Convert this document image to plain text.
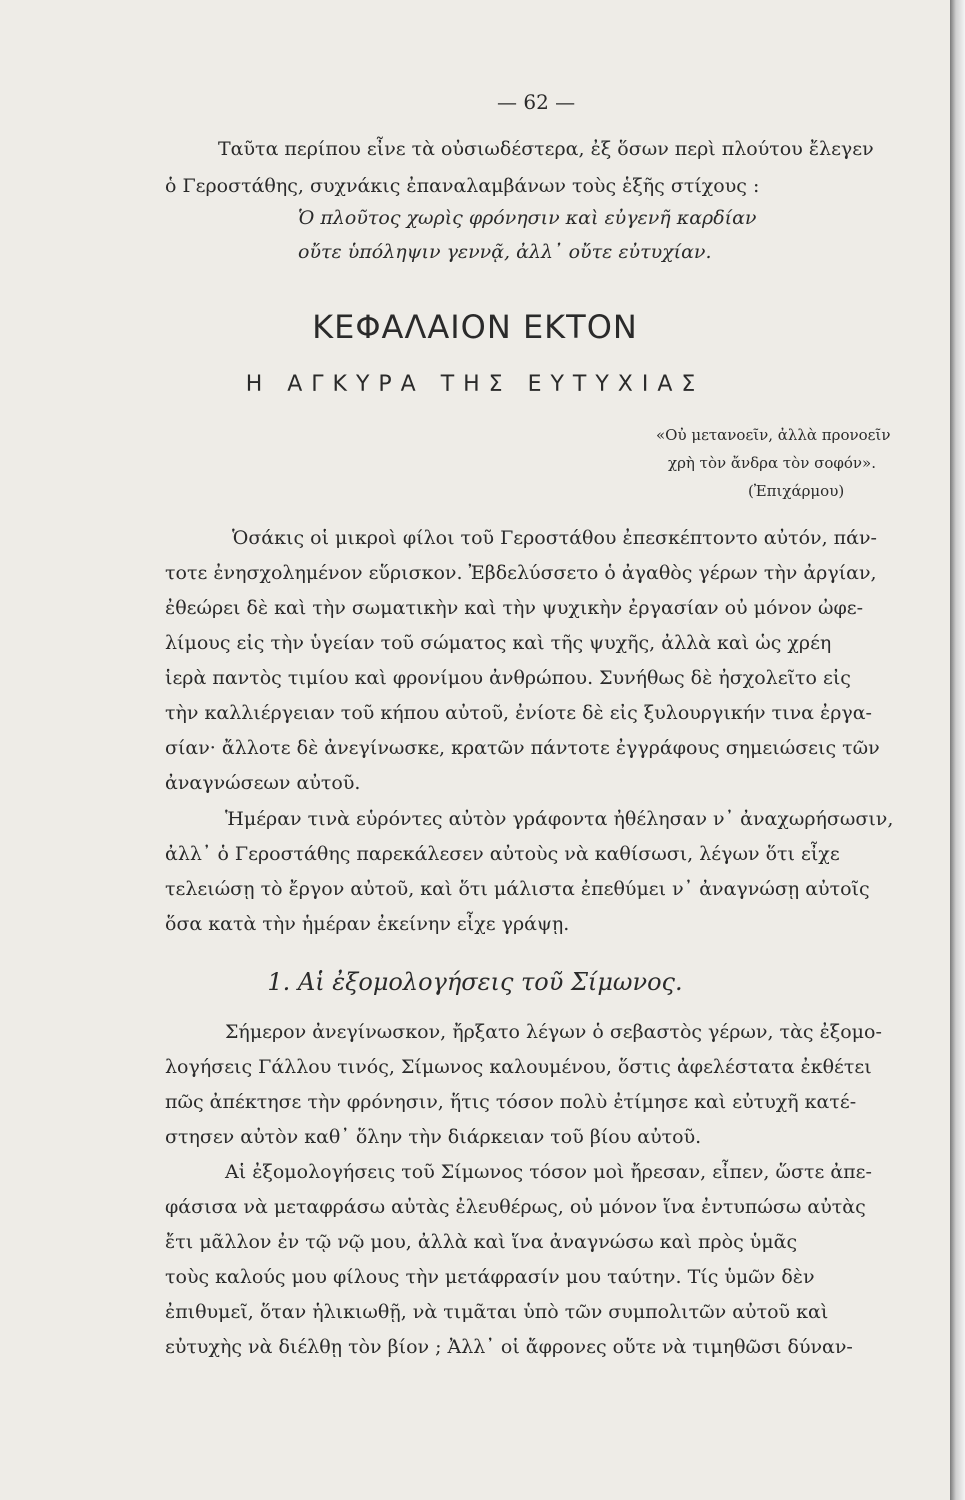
— 62 —
Ταῦτα περίπου εἶνε τὰ οὐσιωδέστερα, ἐξ ὅσων περὶ πλούτου ἔλεγεν
ὁ Γεροστάθης, συχνάκις ἐπαναλαμβάνων τοὺς ἑξῆς στίχους :
Ὁ πλοῦτος χωρὶς φρόνησιν καὶ εὐγενῆ καρδίαν
οὔτε ὑπόληψιν γεννᾷ, ἀλλ᾿ οὔτε εὐτυχίαν.
ΚΕΦΑΛΑΙΟΝ ΕΚΤΟΝ
Η ΑΓΚΥΡΑ ΤΗΣ ΕΥΤΥΧΙΑΣ
«Οὐ μετανοεῖν, ἀλλὰ προνοεῖν
χρὴ τὸν ἄνδρα τὸν σοφόν».
(Ἐπιχάρμου)
Ὁσάκις οἱ μικροὶ φίλοι τοῦ Γεροστάθου ἐπεσκέπτοντο αὐτόν, πάν-
τοτε ἐνησχολημένον εὕρισκον. Ἐβδελύσσετο ὁ ἀγαθὸς γέρων τὴν ἀργίαν,
ἐθεώρει δὲ καὶ τὴν σωματικὴν καὶ τὴν ψυχικὴν ἐργασίαν οὐ μόνον ὠφε-
λίμους εἰς τὴν ὑγείαν τοῦ σώματος καὶ τῆς ψυχῆς, ἀλλὰ καὶ ὡς χρέη
ἱερὰ παντὸς τιμίου καὶ φρονίμου ἀνθρώπου. Συνήθως δὲ ἠσχολεῖτο εἰς
τὴν καλλιέργειαν τοῦ κήπου αὐτοῦ, ἐνίοτε δὲ εἰς ξυλουργικήν τινα ἐργα-
σίαν· ἄλλοτε δὲ ἀνεγίνωσκε, κρατῶν πάντοτε ἐγγράφους σημειώσεις τῶν
ἀναγνώσεων αὐτοῦ.
Ἡμέραν τινὰ εὑρόντες αὐτὸν γράφοντα ἠθέλησαν ν᾿ ἀναχωρήσωσιν,
ἀλλ᾿ ὁ Γεροστάθης παρεκάλεσεν αὐτοὺς νὰ καθίσωσι, λέγων ὅτι εἶχε
τελειώσῃ τὸ ἔργον αὐτοῦ, καὶ ὅτι μάλιστα ἐπεθύμει ν᾿ ἀναγνώσῃ αὐτοῖς
ὅσα κατὰ τὴν ἡμέραν ἐκείνην εἶχε γράψῃ.
1. Αἱ ἐξομολογήσεις τοῦ Σίμωνος.
Σήμερον ἀνεγίνωσκον, ἤρξατο λέγων ὁ σεβαστὸς γέρων, τὰς ἐξομο-
λογήσεις Γάλλου τινός, Σίμωνος καλουμένου, ὅστις ἀφελέστατα ἐκθέτει
πῶς ἀπέκτησε τὴν φρόνησιν, ἥτις τόσον πολὺ ἐτίμησε καὶ εὐτυχῆ κατέ-
στησεν αὐτὸν καθ᾿ ὅλην τὴν διάρκειαν τοῦ βίου αὐτοῦ.
Αἱ ἐξομολογήσεις τοῦ Σίμωνος τόσον μοὶ ἤρεσαν, εἶπεν, ὥστε ἀπε-
φάσισα νὰ μεταφράσω αὐτὰς ἐλευθέρως, οὐ μόνον ἵνα ἐντυπώσω αὐτὰς
ἔτι μᾶλλον ἐν τῷ νῷ μου, ἀλλὰ καὶ ἵνα ἀναγνώσω καὶ πρὸς ὑμᾶς
τοὺς καλούς μου φίλους τὴν μετάφρασίν μου ταύτην. Τίς ὑμῶν δὲν
ἐπιθυμεῖ, ὅταν ἡλικιωθῇ, νὰ τιμᾶται ὑπὸ τῶν συμπολιτῶν αὐτοῦ καὶ
εὐτυχὴς νὰ διέλθῃ τὸν βίον ; Ἀλλ᾿ οἱ ἄφρονες οὔτε νὰ τιμηθῶσι δύναν-
